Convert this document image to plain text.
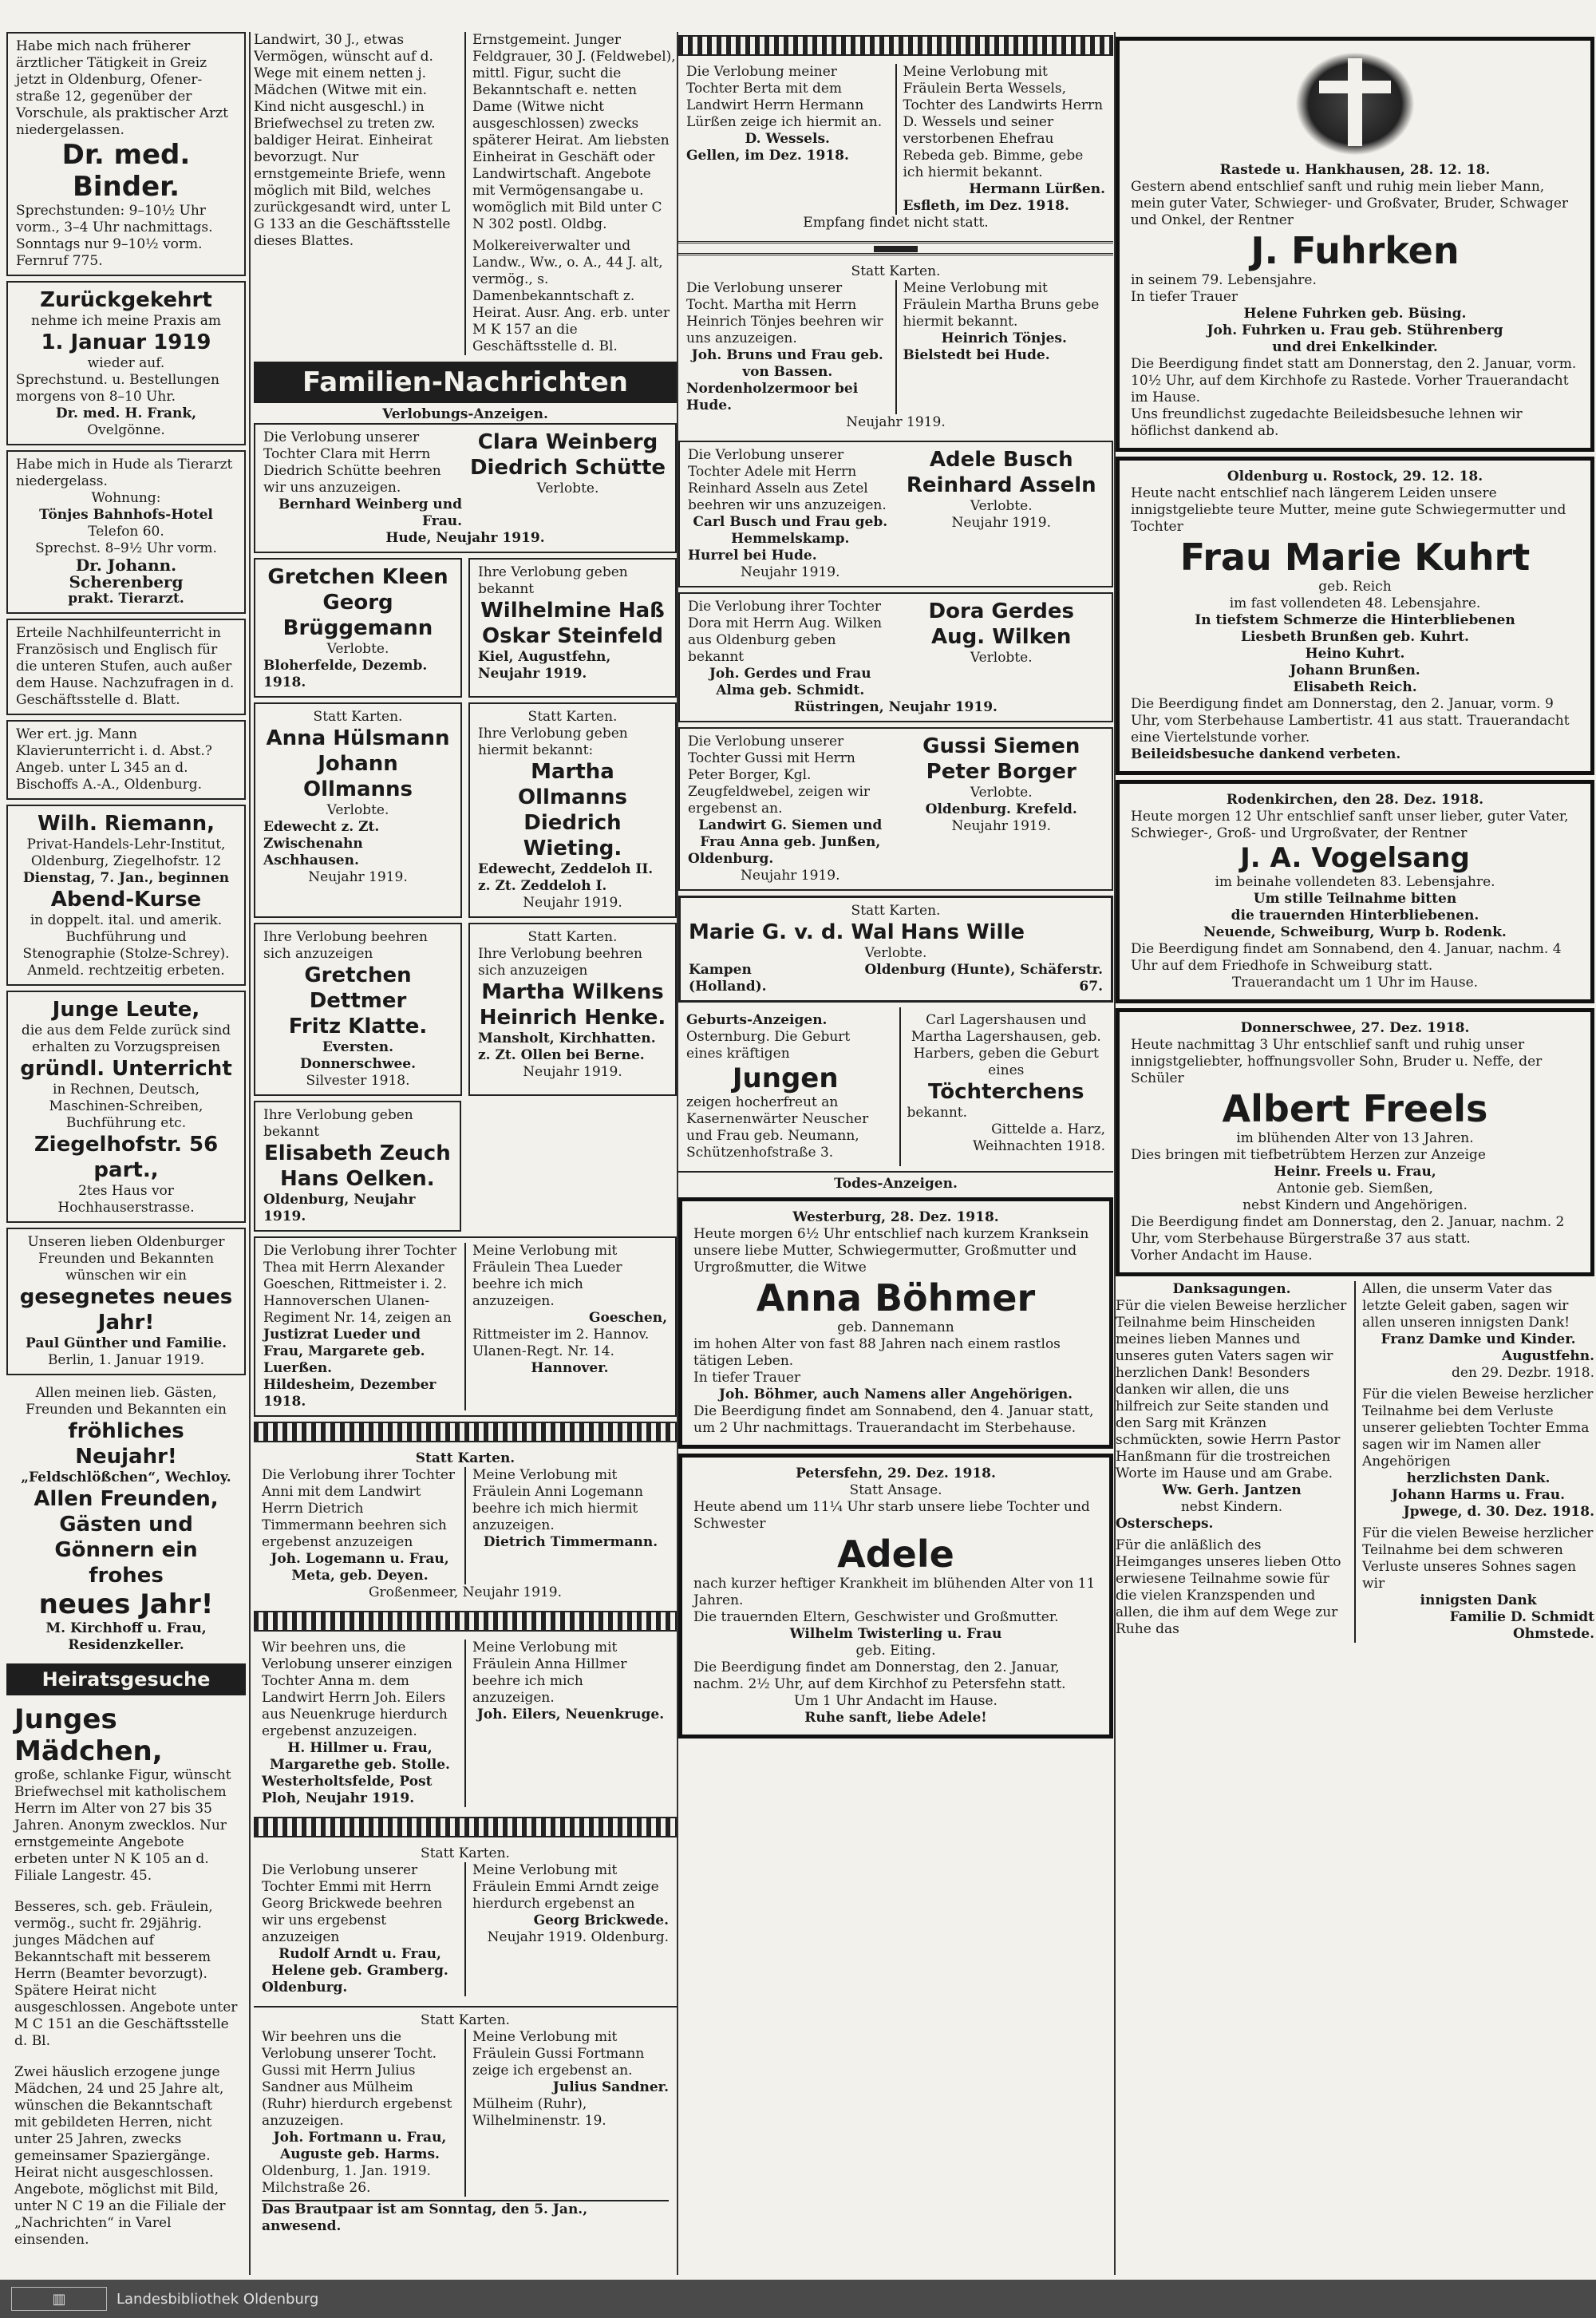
Habe mich nach früherer ärztlicher Tätigkeit in Greiz jetzt in Oldenburg, Ofener-straße 12, gegenüber der Vorschule, als praktischer Arzt niedergelassen.
Dr. med. Binder.
Sprechstunden: 9–10½ Uhr vorm., 3–4 Uhr nachmittags. Sonntags nur 9–10½ vorm. Fernruf 775.
Zurückgekehrt
nehme ich meine Praxis am
1. Januar 1919
wieder auf.
Sprechstund. u. Bestellungen morgens von 8–10 Uhr.
Dr. med. H. Frank,
Ovelgönne.
Habe mich in Hude als Tierarzt niedergelass.
Wohnung:
Tönjes Bahnhofs-Hotel
Telefon 60.
Sprechst. 8–9½ Uhr vorm.
Dr. Johann. Scherenberg
prakt. Tierarzt.
Erteile Nachhilfeunterricht in Französisch und Englisch für die unteren Stufen, auch außer dem Hause. Nachzufragen in d. Geschäftsstelle d. Blatt.
Wer ert. jg. Mann Klavierunterricht i. d. Abst.? Angeb. unter L 345 an d. Bischoffs A.-A., Oldenburg.
Wilh. Riemann,
Privat-Handels-Lehr-Institut, Oldenburg, Ziegelhofstr. 12
Dienstag, 7. Jan., beginnen
Abend-Kurse
in doppelt. ital. und amerik. Buchführung und
Stenographie (Stolze-Schrey). Anmeld. rechtzeitig erbeten.
Junge Leute,
die aus dem Felde zurück sind erhalten zu Vorzugspreisen
gründl. Unterricht
in Rechnen, Deutsch, Maschinen-Schreiben, Buchführung etc.
Ziegelhofstr. 56 part.,
2tes Haus vor Hochhauserstrasse.
Unseren lieben Oldenburger Freunden und Bekannten wünschen wir ein
gesegnetes neues Jahr!
Paul Günther und Familie.
Berlin, 1. Januar 1919.
Allen meinen lieb. Gästen, Freunden und Bekannten ein
fröhliches Neujahr!
„Feldschlößchen“, Wechloy.
Allen Freunden, Gästen und Gönnern ein frohes
neues Jahr!
M. Kirchhoff u. Frau, Residenzkeller.
Heiratsgesuche
Junges Mädchen,
große, schlanke Figur, wünscht Briefwechsel mit katholischem Herrn im Alter von 27 bis 35 Jahren. Anonym zwecklos. Nur ernstgemeinte Angebote erbeten unter N K 105 an d. Filiale Langestr. 45.
Besseres, sch. geb. Fräulein, vermög., sucht fr. 29jährig. junges Mädchen auf Bekanntschaft mit besserem Herrn (Beamter bevorzugt). Spätere Heirat nicht ausgeschlossen. Angebote unter M C 151 an die Geschäftsstelle d. Bl.
Zwei häuslich erzogene junge Mädchen, 24 und 25 Jahre alt, wünschen die Bekanntschaft mit gebildeten Herren, nicht unter 25 Jahren, zwecks gemeinsamer Spaziergänge. Heirat nicht ausgeschlossen. Angebote, möglichst mit Bild, unter N C 19 an die Filiale der „Nachrichten“ in Varel einsenden.
Landwirt, 30 J., etwas Vermögen, wünscht auf d. Wege mit einem netten j. Mädchen (Witwe mit ein. Kind nicht ausgeschl.) in Briefwechsel zu treten zw. baldiger Heirat. Einheirat bevorzugt. Nur ernstgemeinte Briefe, wenn möglich mit Bild, welches zurückgesandt wird, unter L G 133 an die Geschäftsstelle dieses Blattes.
Ernstgemeint. Junger Feldgrauer, 30 J. (Feldwebel), mittl. Figur, sucht die Bekanntschaft e. netten Dame (Witwe nicht ausgeschlossen) zwecks späterer Heirat. Am liebsten Einheirat in Geschäft oder Landwirtschaft. Angebote mit Vermögensangabe u. womöglich mit Bild unter C N 302 postl. Oldbg.
Molkereiverwalter und Landw., Ww., o. A., 44 J. alt, vermög., s. Damenbekanntschaft z. Heirat. Ausr. Ang. erb. unter M K 157 an die Geschäftsstelle d. Bl.
Familien-Nachrichten
Verlobungs-Anzeigen.
Die Verlobung unserer Tochter Clara mit Herrn Diedrich Schütte beehren wir uns anzuzeigen.
Bernhard Weinberg und Frau.
Clara Weinberg
Diedrich Schütte
Verlobte.
Hude, Neujahr 1919.
Gretchen Kleen
Georg Brüggemann
Verlobte.
Bloherfelde, Dezemb. 1918.
Ihre Verlobung geben bekannt
Wilhelmine Haß
Oskar Steinfeld
Kiel, Augustfehn, Neujahr 1919.
Statt Karten.
Anna Hülsmann
Johann Ollmanns
Verlobte.
Edewecht z. Zt. Zwischenahn Aschhausen.
Neujahr 1919.
Statt Karten.
Ihre Verlobung geben hiermit bekannt:
Martha Ollmanns
Diedrich Wieting.
Edewecht, Zeddeloh II. z. Zt. Zeddeloh I.
Neujahr 1919.
Ihre Verlobung beehren sich anzuzeigen
Gretchen Dettmer
Fritz Klatte.
Eversten. Donnerschwee.
Silvester 1918.
Statt Karten.
Ihre Verlobung beehren sich anzuzeigen
Martha Wilkens
Heinrich Henke.
Mansholt, Kirchhatten. z. Zt. Ollen bei Berne.
Neujahr 1919.
Ihre Verlobung geben bekannt
Elisabeth Zeuch
Hans Oelken.
Oldenburg, Neujahr 1919.
Die Verlobung ihrer Tochter Thea mit Herrn Alexander Goeschen, Rittmeister i. 2. Hannoverschen Ulanen-Regiment Nr. 14, zeigen an
Justizrat Lueder und Frau, Margarete geb. Luerßen.
Hildesheim, Dezember 1918.
Meine Verlobung mit Fräulein Thea Lueder beehre ich mich anzuzeigen.
Goeschen,
Rittmeister im 2. Hannov. Ulanen-Regt. Nr. 14.
Hannover.
Statt Karten.
Die Verlobung ihrer Tochter Anni mit dem Landwirt Herrn Dietrich Timmermann beehren sich ergebenst anzuzeigen
Joh. Logemann u. Frau, Meta, geb. Deyen.
Meine Verlobung mit Fräulein Anni Logemann beehre ich mich hiermit anzuzeigen.
Dietrich Timmermann.
Großenmeer, Neujahr 1919.
Wir beehren uns, die Verlobung unserer einzigen Tochter Anna m. dem Landwirt Herrn Joh. Eilers aus Neuenkruge hierdurch ergebenst anzuzeigen.
H. Hillmer u. Frau, Margarethe geb. Stolle.
Westerholtsfelde, Post Ploh, Neujahr 1919.
Meine Verlobung mit Fräulein Anna Hillmer beehre ich mich anzuzeigen.
Joh. Eilers, Neuenkruge.
Statt Karten.
Die Verlobung unserer Tochter Emmi mit Herrn Georg Brickwede beehren wir uns ergebenst anzuzeigen
Rudolf Arndt u. Frau, Helene geb. Gramberg.
Oldenburg.
Meine Verlobung mit Fräulein Emmi Arndt zeige hierdurch ergebenst an
Georg Brickwede.
Neujahr 1919. Oldenburg.
Statt Karten.
Wir beehren uns die Verlobung unserer Tocht. Gussi mit Herrn Julius Sandner aus Mülheim (Ruhr) hierdurch ergebenst anzuzeigen.
Joh. Fortmann u. Frau, Auguste geb. Harms.
Oldenburg, 1. Jan. 1919. Milchstraße 26.
Meine Verlobung mit Fräulein Gussi Fortmann zeige ich ergebenst an.
Julius Sandner.
Mülheim (Ruhr), Wilhelminenstr. 19.
Das Brautpaar ist am Sonntag, den 5. Jan., anwesend.
Die Verlobung meiner Tochter Berta mit dem Landwirt Herrn Hermann Lürßen zeige ich hiermit an.
D. Wessels.
Gellen, im Dez. 1918.
Meine Verlobung mit Fräulein Berta Wessels, Tochter des Landwirts Herrn D. Wessels und seiner verstorbenen Ehefrau Rebeda geb. Bimme, gebe ich hiermit bekannt.
Hermann Lürßen.
Esfleth, im Dez. 1918.
Empfang findet nicht statt.
Statt Karten.
Die Verlobung unserer Tocht. Martha mit Herrn Heinrich Tönjes beehren wir uns anzuzeigen.
Joh. Bruns und Frau geb. von Bassen.
Nordenholzermoor bei Hude.
Meine Verlobung mit Fräulein Martha Bruns gebe hiermit bekannt.
Heinrich Tönjes.
Bielstedt bei Hude.
Neujahr 1919.
Die Verlobung unserer Tochter Adele mit Herrn Reinhard Asseln aus Zetel beehren wir uns anzuzeigen.
Carl Busch und Frau geb. Hemmelskamp.
Hurrel bei Hude.
Neujahr 1919.
Adele Busch
Reinhard Asseln
Verlobte.
Neujahr 1919.
Die Verlobung ihrer Tochter Dora mit Herrn Aug. Wilken aus Oldenburg geben bekannt
Joh. Gerdes und Frau Alma geb. Schmidt.
Dora Gerdes
Aug. Wilken
Verlobte.
Rüstringen, Neujahr 1919.
Die Verlobung unserer Tochter Gussi mit Herrn Peter Borger, Kgl. Zeugfeldwebel, zeigen wir ergebenst an.
Landwirt G. Siemen und Frau Anna geb. Junßen,
Oldenburg.
Neujahr 1919.
Gussi Siemen
Peter Borger
Verlobte.
Oldenburg. Krefeld.
Neujahr 1919.
Statt Karten.
Marie G. v. d. Wal Hans Wille
Verlobte.
Kampen (Holland).
Oldenburg (Hunte), Schäferstr. 67.
Geburts-Anzeigen.
Osternburg. Die Geburt eines kräftigen
Jungen
zeigen hocherfreut an Kasernenwärter Neuscher und Frau geb. Neumann, Schützenhofstraße 3.
Carl Lagershausen und Martha Lagershausen, geb. Harbers, geben die Geburt eines
Töchterchens
bekannt.
Gittelde a. Harz, Weihnachten 1918.
Todes-Anzeigen.
Westerburg, 28. Dez. 1918.
Heute morgen 6½ Uhr entschlief nach kurzem Kranksein unsere liebe Mutter, Schwiegermutter, Großmutter und Urgroßmutter, die Witwe
Anna Böhmer
geb. Dannemann
im hohen Alter von fast 88 Jahren nach einem rastlos tätigen Leben.
In tiefer Trauer
Joh. Böhmer, auch Namens aller Angehörigen.
Die Beerdigung findet am Sonnabend, den 4. Januar statt, um 2 Uhr nachmittags. Trauerandacht im Sterbehause.
Petersfehn, 29. Dez. 1918.
Statt Ansage.
Heute abend um 11¼ Uhr starb unsere liebe Tochter und Schwester
Adele
nach kurzer heftiger Krankheit im blühenden Alter von 11 Jahren.
Die trauernden Eltern, Geschwister und Großmutter.
Wilhelm Twisterling u. Frau
geb. Eiting.
Die Beerdigung findet am Donnerstag, den 2. Januar, nachm. 2½ Uhr, auf dem Kirchhof zu Petersfehn statt.
Um 1 Uhr Andacht im Hause.
Ruhe sanft, liebe Adele!
Rastede u. Hankhausen, 28. 12. 18.
Gestern abend entschlief sanft und ruhig mein lieber Mann, mein guter Vater, Schwieger- und Großvater, Bruder, Schwager und Onkel, der Rentner
J. Fuhrken
in seinem 79. Lebensjahre.
In tiefer Trauer
Helene Fuhrken geb. Büsing.
Joh. Fuhrken u. Frau geb. Stührenberg
und drei Enkelkinder.
Die Beerdigung findet statt am Donnerstag, den 2. Januar, vorm. 10½ Uhr, auf dem Kirchhofe zu Rastede. Vorher Trauerandacht im Hause.
Uns freundlichst zugedachte Beileidsbesuche lehnen wir höflichst dankend ab.
Oldenburg u. Rostock, 29. 12. 18.
Heute nacht entschlief nach längerem Leiden unsere innigstgeliebte teure Mutter, meine gute Schwiegermutter und Tochter
Frau Marie Kuhrt
geb. Reich
im fast vollendeten 48. Lebensjahre.
In tiefstem Schmerze die Hinterbliebenen
Liesbeth Brunßen geb. Kuhrt.
Heino Kuhrt.
Johann Brunßen.
Elisabeth Reich.
Die Beerdigung findet am Donnerstag, den 2. Januar, vorm. 9 Uhr, vom Sterbehause Lambertistr. 41 aus statt. Trauerandacht eine Viertelstunde vorher.
Beileidsbesuche dankend verbeten.
Rodenkirchen, den 28. Dez. 1918.
Heute morgen 12 Uhr entschlief sanft unser lieber, guter Vater, Schwieger-, Groß- und Urgroßvater, der Rentner
J. A. Vogelsang
im beinahe vollendeten 83. Lebensjahre.
Um stille Teilnahme bitten
die trauernden Hinterbliebenen.
Neuende, Schweiburg, Wurp b. Rodenk.
Die Beerdigung findet am Sonnabend, den 4. Januar, nachm. 4 Uhr auf dem Friedhofe in Schweiburg statt.
Trauerandacht um 1 Uhr im Hause.
Donnerschwee, 27. Dez. 1918.
Heute nachmittag 3 Uhr entschlief sanft und ruhig unser innigstgeliebter, hoffnungsvoller Sohn, Bruder u. Neffe, der Schüler
Albert Freels
im blühenden Alter von 13 Jahren.
Dies bringen mit tiefbetrübtem Herzen zur Anzeige
Heinr. Freels u. Frau,
Antonie geb. Siemßen,
nebst Kindern und Angehörigen.
Die Beerdigung findet am Donnerstag, den 2. Januar, nachm. 2 Uhr, vom Sterbehause Bürgerstraße 37 aus statt.
Vorher Andacht im Hause.
Danksagungen.
Für die vielen Beweise herzlicher Teilnahme beim Hinscheiden meines lieben Mannes und unseres guten Vaters sagen wir herzlichen Dank! Besonders danken wir allen, die uns hilfreich zur Seite standen und den Sarg mit Kränzen schmückten, sowie Herrn Pastor Hanßmann für die trostreichen Worte im Hause und am Grabe.
Ww. Gerh. Jantzen
nebst Kindern.
Osterscheps.
Für die anläßlich des Heimganges unseres lieben Otto erwiesene Teilnahme sowie für die vielen Kranzspenden und allen, die ihm auf dem Wege zur Ruhe das
Allen, die unserm Vater das letzte Geleit gaben, sagen wir allen unseren innigsten Dank!
Franz Damke und Kinder.
Augustfehn.
den 29. Dezbr. 1918.
Für die vielen Beweise herzlicher Teilnahme bei dem Verluste unserer geliebten Tochter Emma sagen wir im Namen aller Angehörigen
herzlichsten Dank.
Johann Harms u. Frau.
Jpwege, d. 30. Dez. 1918.
Für die vielen Beweise herzlicher Teilnahme bei dem schweren Verluste unseres Sohnes sagen wir
innigsten Dank
Familie D. Schmidt
Ohmstede.
▥	Landesbibliothek Oldenburg
